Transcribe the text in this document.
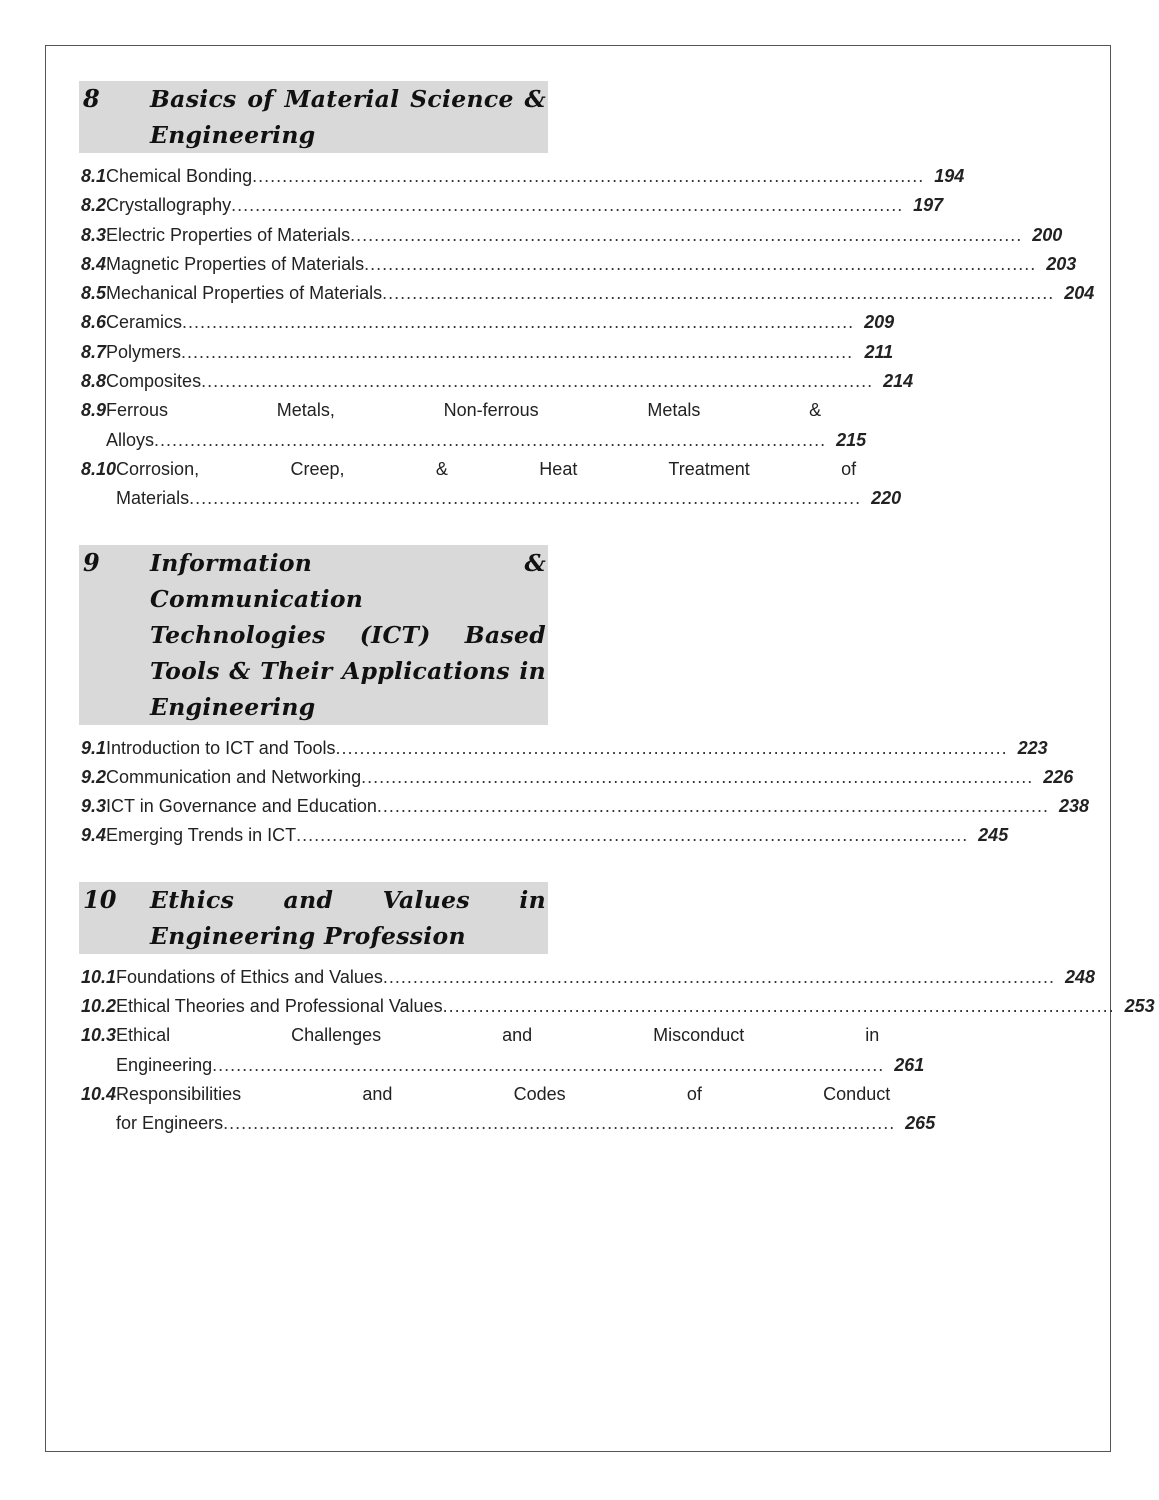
8	Basics of Material Science & Engineering
8.1 Chemical Bonding .....	194
8.2 Crystallography .....	197
8.3 Electric Properties of Materials .....	200
8.4 Magnetic Properties of Materials .....	203
8.5 Mechanical Properties of Materials .....	204
8.6 Ceramics .....	209
8.7 Polymers .....	211
8.8 Composites .....	214
8.9 Ferrous Metals, Non-ferrous Metals &
Alloys .....	215
8.10 Corrosion, Creep, & Heat Treatment of
Materials .....	220
9	Information & Communication Technologies (ICT) Based Tools & Their Applications in Engineering
9.1 Introduction to ICT and Tools .....	223
9.2 Communication and Networking .....	226
9.3 ICT in Governance and Education .....	238
9.4 Emerging Trends in ICT .....	245
10	Ethics and Values in Engineering Profession
10.1 Foundations of Ethics and Values .....	248
10.2 Ethical Theories and Professional Values .....	253
10.3 Ethical Challenges and Misconduct in
Engineering .....	261
10.4 Responsibilities and Codes of Conduct
for Engineers .....	265
